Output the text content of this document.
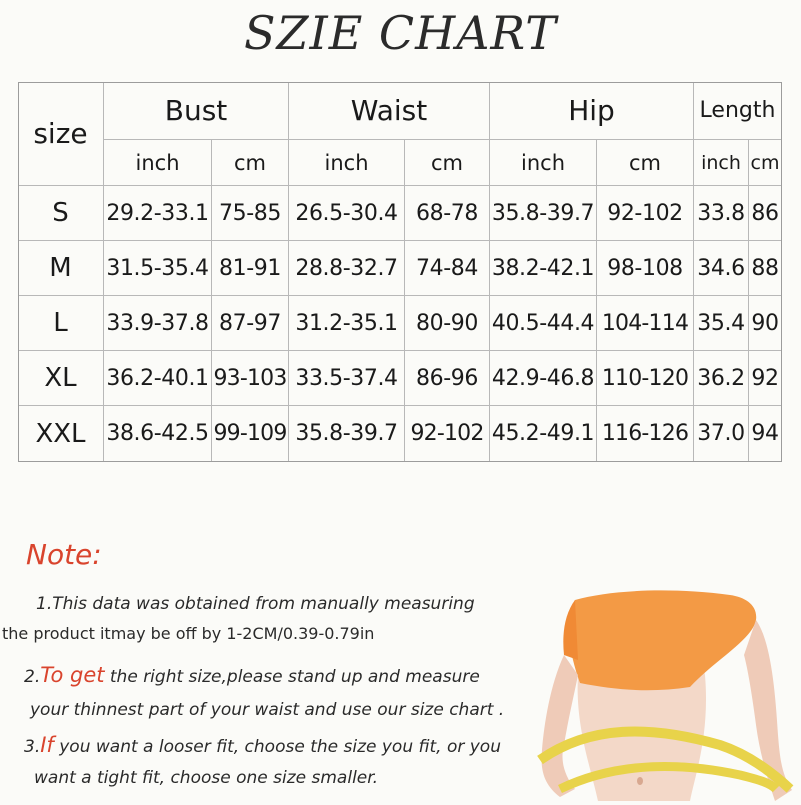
SZIE CHART
size
Bust	Waist	Hip	Length
inch	cm	inch	cm	inch	cm	inch cm
S	29.2-33.1 75-85 26.5-30.4 68-78 35.8-39.7 92-102 33.8 86
M	31.5-35.4 81-91 28.8-32.7 74-84 38.2-42.1 98-108 34.6 88
L	33.9-37.8 87-97 31.2-35.1 80-90 40.5-44.4 104-114 35.4 90
XL	36.2-40.1 93-103 33.5-37.4 86-96 42.9-46.8 110-120 36.2 92
XXL 38.6-42.5 99-109 35.8-39.7 92-102 45.2-49.1 116-126 37.0 94
Note:
1.This data was obtained from manually measuring
the product itmay be off by 1-2CM/0.39-0.79in
2.To get the right size,please stand up and measure
your thinnest part of your waist and use our size chart .
3.If you want a looser fit, choose the size you fit, or you
want a tight fit, choose one size smaller.
